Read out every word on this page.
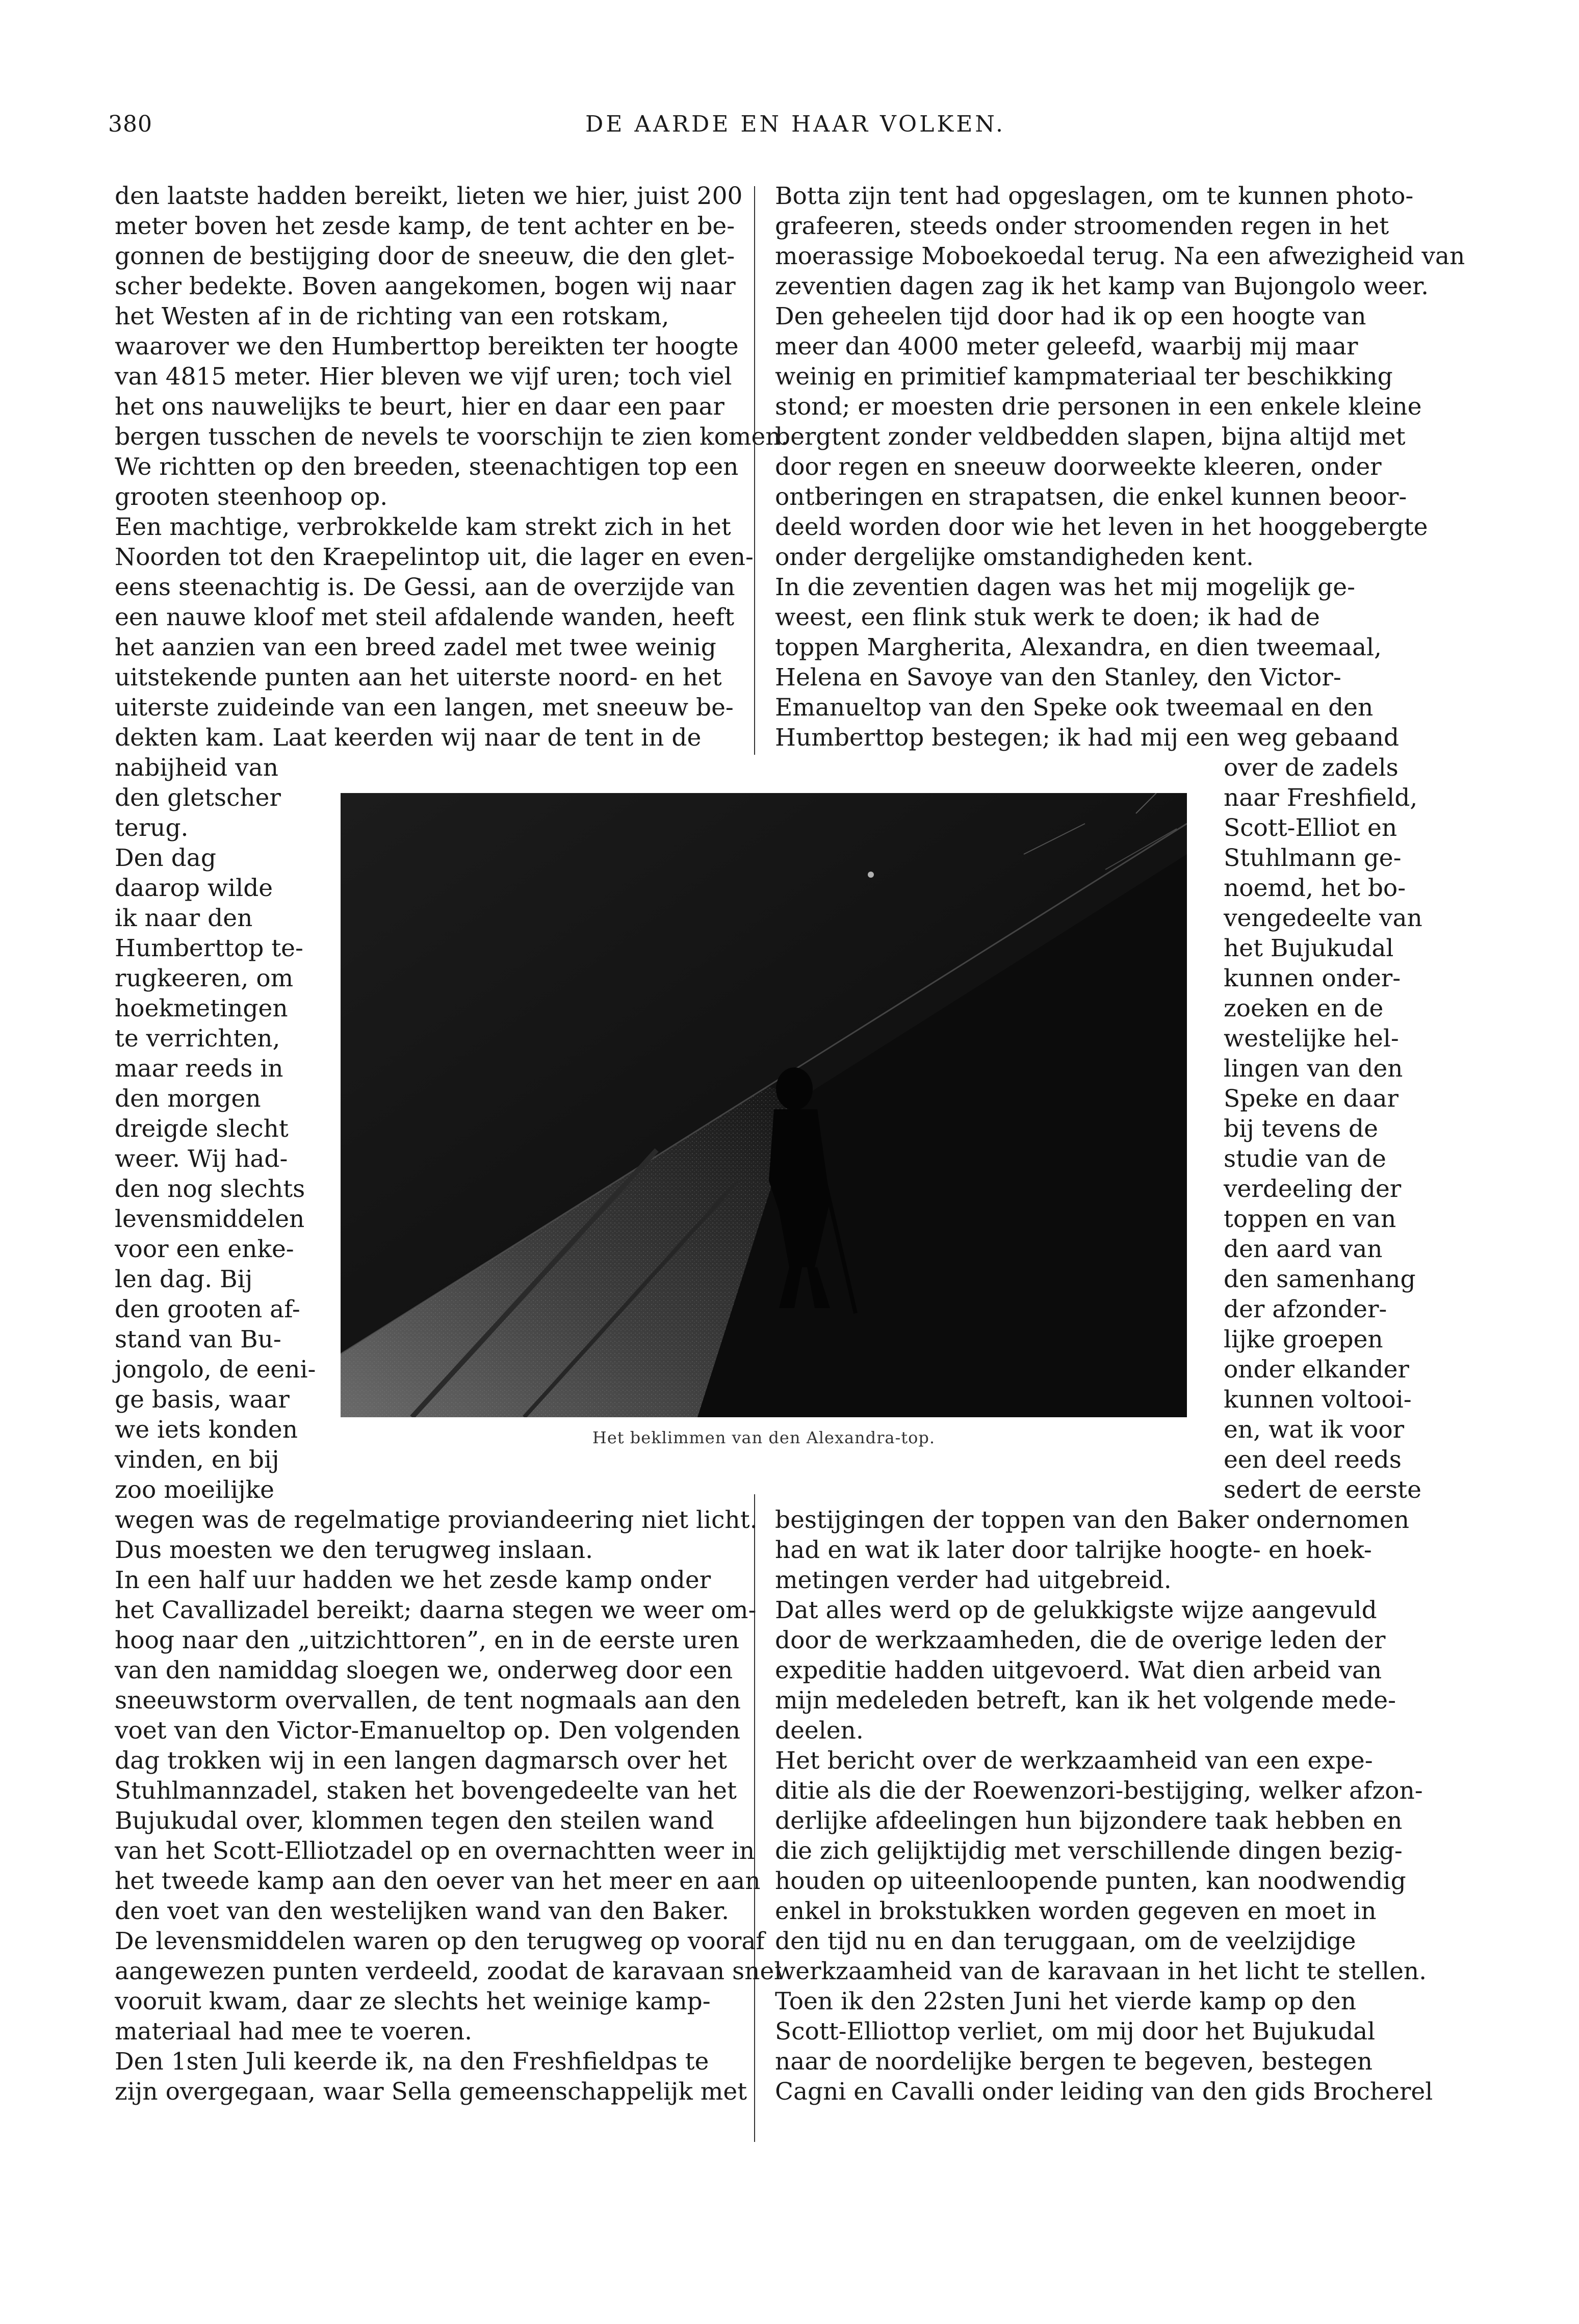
380	DE AARDE EN HAAR VOLKEN.
den laatste hadden bereikt, lieten we hier, juist 200
meter boven het zesde kamp, de tent achter en be-
gonnen de bestijging door de sneeuw, die den glet-
scher bedekte. Boven aangekomen, bogen wij naar
het Westen af in de richting van een rotskam,
waarover we den Humberttop bereikten ter hoogte
van 4815 meter. Hier bleven we vijf uren; toch viel
het ons nauwelijks te beurt, hier en daar een paar
bergen tusschen de nevels te voorschijn te zien komen.
We richtten op den breeden, steenachtigen top een
grooten steenhoop op.
Een machtige, verbrokkelde kam strekt zich in het
Noorden tot den Kraepelintop uit, die lager en even-
eens steenachtig is. De Gessi, aan de overzijde van
een nauwe kloof met steil afdalende wanden, heeft
het aanzien van een breed zadel met twee weinig
uitstekende punten aan het uiterste noord- en het
uiterste zuideinde van een langen, met sneeuw be-
dekten kam. Laat keerden wij naar de tent in de
nabijheid van
den gletscher
terug.
Den dag
daarop wilde
ik naar den
Humberttop te-
rugkeeren, om
hoekmetingen
te verrichten,
maar reeds in
den morgen
dreigde slecht
weer. Wij had-
den nog slechts
levensmiddelen
voor een enke-
len dag. Bij
den grooten af-
stand van Bu-
jongolo, de eeni-
ge basis, waar
we iets konden
vinden, en bij
zoo moeilijke
wegen was de regelmatige proviandeering niet licht.
Dus moesten we den terugweg inslaan.
In een half uur hadden we het zesde kamp onder
het Cavallizadel bereikt; daarna stegen we weer om-
hoog naar den „uitzichttoren”, en in de eerste uren
van den namiddag sloegen we, onderweg door een
sneeuwstorm overvallen, de tent nogmaals aan den
voet van den Victor-Emanueltop op. Den volgenden
dag trokken wij in een langen dagmarsch over het
Stuhlmannzadel, staken het bovengedeelte van het
Bujukudal over, klommen tegen den steilen wand
van het Scott-Elliotzadel op en overnachtten weer in
het tweede kamp aan den oever van het meer en aan
den voet van den westelijken wand van den Baker.
De levensmiddelen waren op den terugweg op vooraf
aangewezen punten verdeeld, zoodat de karavaan snel
vooruit kwam, daar ze slechts het weinige kamp-
materiaal had mee te voeren.
Den 1sten Juli keerde ik, na den Freshfieldpas te
zijn overgegaan, waar Sella gemeenschappelijk met
Botta zijn tent had opgeslagen, om te kunnen photo-
grafeeren, steeds onder stroomenden regen in het
moerassige Moboekoedal terug. Na een afwezigheid van
zeventien dagen zag ik het kamp van Bujongolo weer.
Den geheelen tijd door had ik op een hoogte van
meer dan 4000 meter geleefd, waarbij mij maar
weinig en primitief kampmateriaal ter beschikking
stond; er moesten drie personen in een enkele kleine
bergtent zonder veldbedden slapen, bijna altijd met
door regen en sneeuw doorweekte kleeren, onder
ontberingen en strapatsen, die enkel kunnen beoor-
deeld worden door wie het leven in het hooggebergte
onder dergelijke omstandigheden kent.
In die zeventien dagen was het mij mogelijk ge-
weest, een flink stuk werk te doen; ik had de
toppen Margherita, Alexandra, en dien tweemaal,
Helena en Savoye van den Stanley, den Victor-
Emanueltop van den Speke ook tweemaal en den
Humberttop bestegen; ik had mij een weg gebaand
over de zadels
naar Freshfield,
Scott-Elliot en
Stuhlmann ge-
noemd, het bo-
vengedeelte van
het Bujukudal
kunnen onder-
zoeken en de
westelijke hel-
lingen van den
Speke en daar
bij tevens de
studie van de
verdeeling der
toppen en van
den aard van
den samenhang
der afzonder-
lijke groepen
onder elkander
kunnen voltooi-
en, wat ik voor
een deel reeds
sedert de eerste
bestijgingen der toppen van den Baker ondernomen
had en wat ik later door talrijke hoogte- en hoek-
metingen verder had uitgebreid.
Dat alles werd op de gelukkigste wijze aangevuld
door de werkzaamheden, die de overige leden der
expeditie hadden uitgevoerd. Wat dien arbeid van
mijn medeleden betreft, kan ik het volgende mede-
deelen.
Het bericht over de werkzaamheid van een expe-
ditie als die der Roewenzori-bestijging, welker afzon-
derlijke afdeelingen hun bijzondere taak hebben en
die zich gelijktijdig met verschillende dingen bezig-
houden op uiteenloopende punten, kan noodwendig
enkel in brokstukken worden gegeven en moet in
den tijd nu en dan teruggaan, om de veelzijdige
werkzaamheid van de karavaan in het licht te stellen.
Toen ik den 22sten Juni het vierde kamp op den
Scott-Elliottop verliet, om mij door het Bujukudal
naar de noordelijke bergen te begeven, bestegen
Cagni en Cavalli onder leiding van den gids Brocherel
Het beklimmen van den Alexandra-top.
